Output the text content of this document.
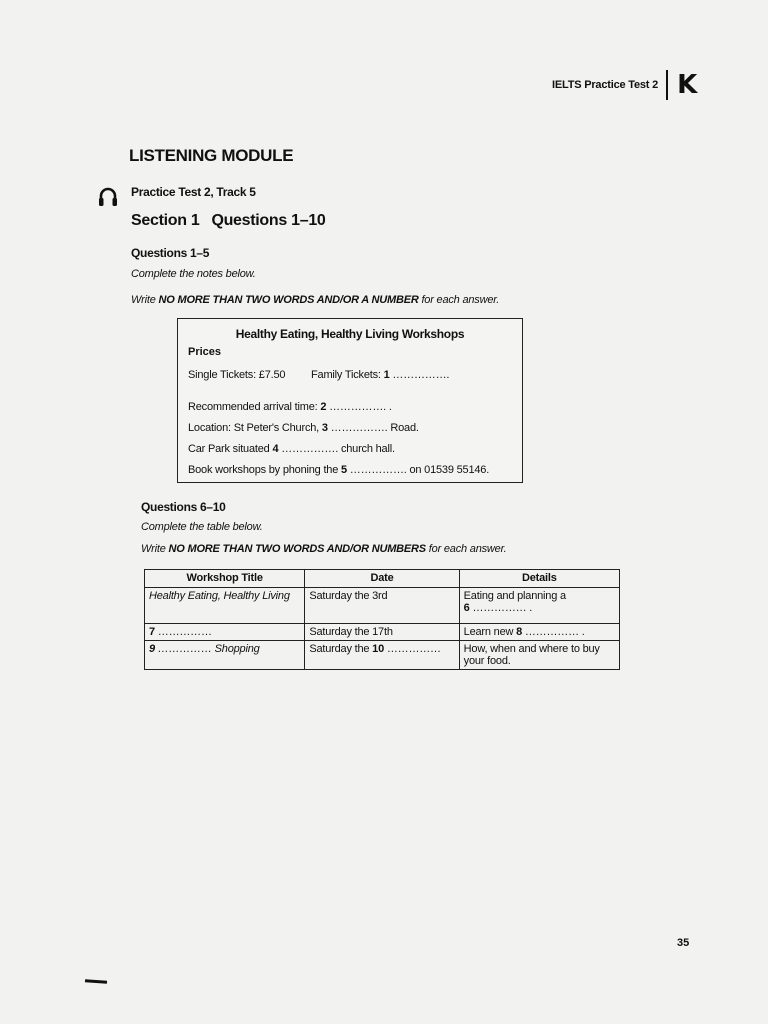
IELTS Practice Test 2 K
LISTENING MODULE
Practice Test 2, Track 5
Section 1 Questions 1–10
Questions 1–5
Complete the notes below.
Write NO MORE THAN TWO WORDS AND/OR A NUMBER for each answer.
Healthy Eating, Healthy Living Workshops
Prices
Single Tickets: £7.50 Family Tickets: 1 …………….
Recommended arrival time: 2 ……………. .
Location: St Peter's Church, 3 ……………. Road.
Car Park situated 4 ……………. church hall.
Book workshops by phoning the 5 ……………. on 01539 55146.
Questions 6–10
Complete the table below.
Write NO MORE THAN TWO WORDS AND/OR NUMBERS for each answer.
Workshop Title	Date	Details
Healthy Eating, Healthy Living	Saturday the 3rd	Eating and planning a
6 …………… .
7 ……………	Saturday the 17th	Learn new 8 …………… .
9 …………… Shopping	Saturday the 10 ……………	How, when and where to buy your food.
35
